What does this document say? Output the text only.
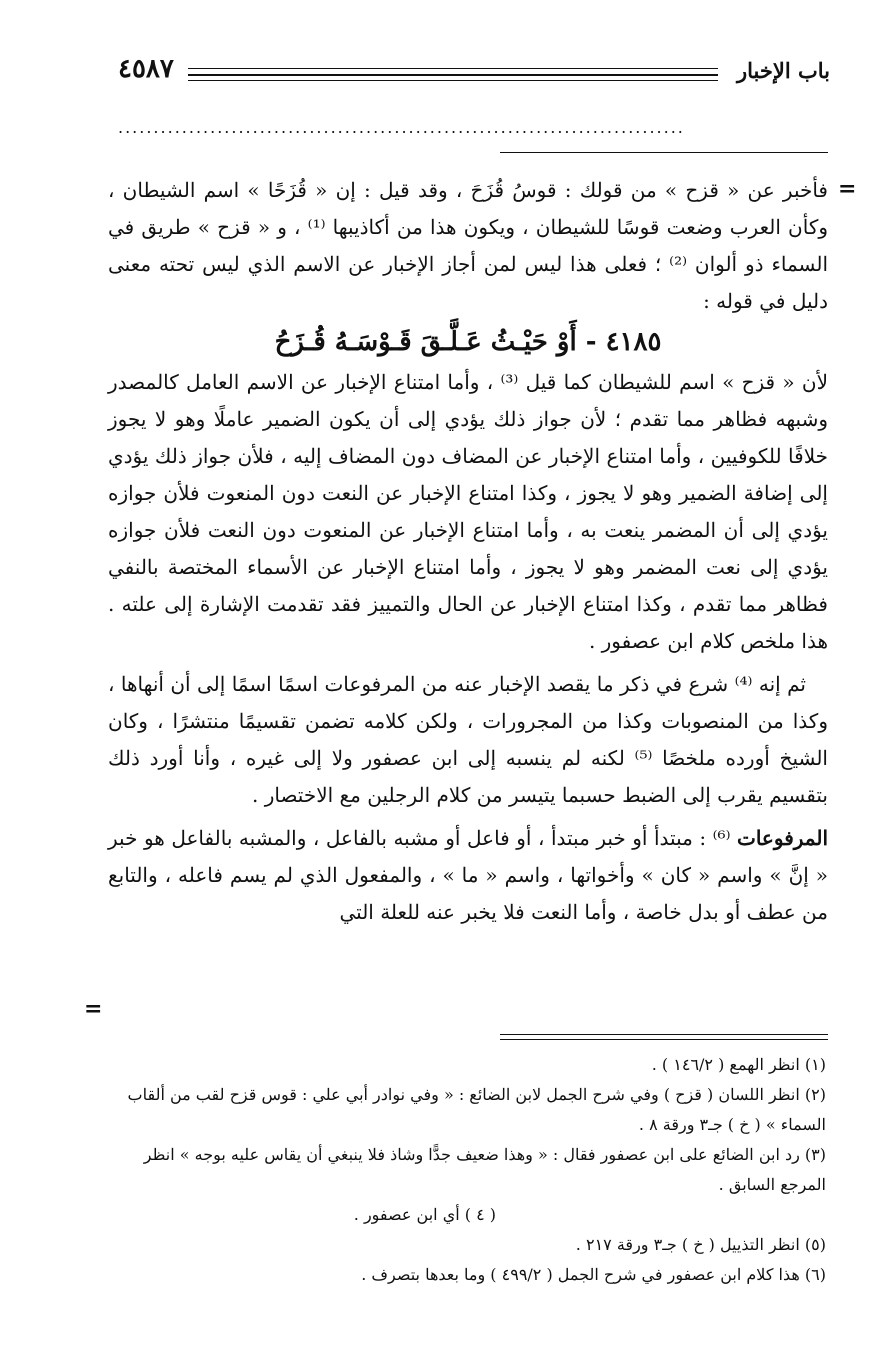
باب الإخبار
٤٥٨٧
................................................................................
=

فأخبر عن « قزح » من قولك : قوسُ قُزَحَ ، وقد قيل : إن « قُزَحًا » اسم الشيطان ، وكأن العرب وضعت قوسًا للشيطان ، ويكون هذا من أكاذيبها ⁽¹⁾ ، و « قزح » طريق في السماء ذو ألوان ⁽²⁾ ؛ فعلى هذا ليس لمن أجاز الإخبار عن الاسم الذي ليس تحته معنى دليل في قوله :

٤١٨٥ - أَوْ حَيْـثُ عَـلَّـقَ قَـوْسَـهُ قُـزَحُ

لأن « قزح » اسم للشيطان كما قيل ⁽³⁾ ، وأما امتناع الإخبار عن الاسم العامل كالمصدر وشبهه فظاهر مما تقدم ؛ لأن جواز ذلك يؤدي إلى أن يكون الضمير عاملًا وهو لا يجوز خلافًا للكوفيين ، وأما امتناع الإخبار عن المضاف دون المضاف إليه ، فلأن جواز ذلك يؤدي إلى إضافة الضمير وهو لا يجوز ، وكذا امتناع الإخبار عن النعت دون المنعوت فلأن جوازه يؤدي إلى أن المضمر ينعت به ، وأما امتناع الإخبار عن المنعوت دون النعت فلأن جوازه يؤدي إلى نعت المضمر وهو لا يجوز ، وأما امتناع الإخبار عن الأسماء المختصة بالنفي فظاهر مما تقدم ، وكذا امتناع الإخبار عن الحال والتمييز فقد تقدمت الإشارة إلى علته . هذا ملخص كلام ابن عصفور .

ثم إنه ⁽⁴⁾ شرع في ذكر ما يقصد الإخبار عنه من المرفوعات اسمًا اسمًا إلى أن أنهاها ، وكذا من المنصوبات وكذا من المجرورات ، ولكن كلامه تضمن تقسيمًا منتشرًا ، وكان الشيخ أورده ملخصًا ⁽⁵⁾ لكنه لم ينسبه إلى ابن عصفور ولا إلى غيره ، وأنا أورد ذلك بتقسيم يقرب إلى الضبط حسبما يتيسر من كلام الرجلين مع الاختصار .

المرفوعات ⁽⁶⁾ : مبتدأ أو خبر مبتدأ ، أو فاعل أو مشبه بالفاعل ، والمشبه بالفاعل هو خبر « إنَّ » واسم « كان » وأخواتها ، واسم « ما » ، والمفعول الذي لم يسم فاعله ، والتابع من عطف أو بدل خاصة ، وأما النعت فلا يخبر عنه للعلة التي

=
(١) انظر الهمع ( ١٤٦/٢ ) .
(٢) انظر اللسان ( قزح ) وفي شرح الجمل لابن الضائع : « وفي نوادر أبي علي : قوس قزح لقب من ألقاب السماء » ( خ ) جـ٣ ورقة ٨ .
(٣) رد ابن الضائع على ابن عصفور فقال : « وهذا ضعيف جدًّا وشاذ فلا ينبغي أن يقاس عليه بوجه » انظر المرجع السابق .
( ٤ ) أي ابن عصفور .
(٥) انظر التذييل ( خ ) جـ٣ ورقة ٢١٧ .
(٦) هذا كلام ابن عصفور في شرح الجمل ( ٤٩٩/٢ ) وما بعدها بتصرف .
